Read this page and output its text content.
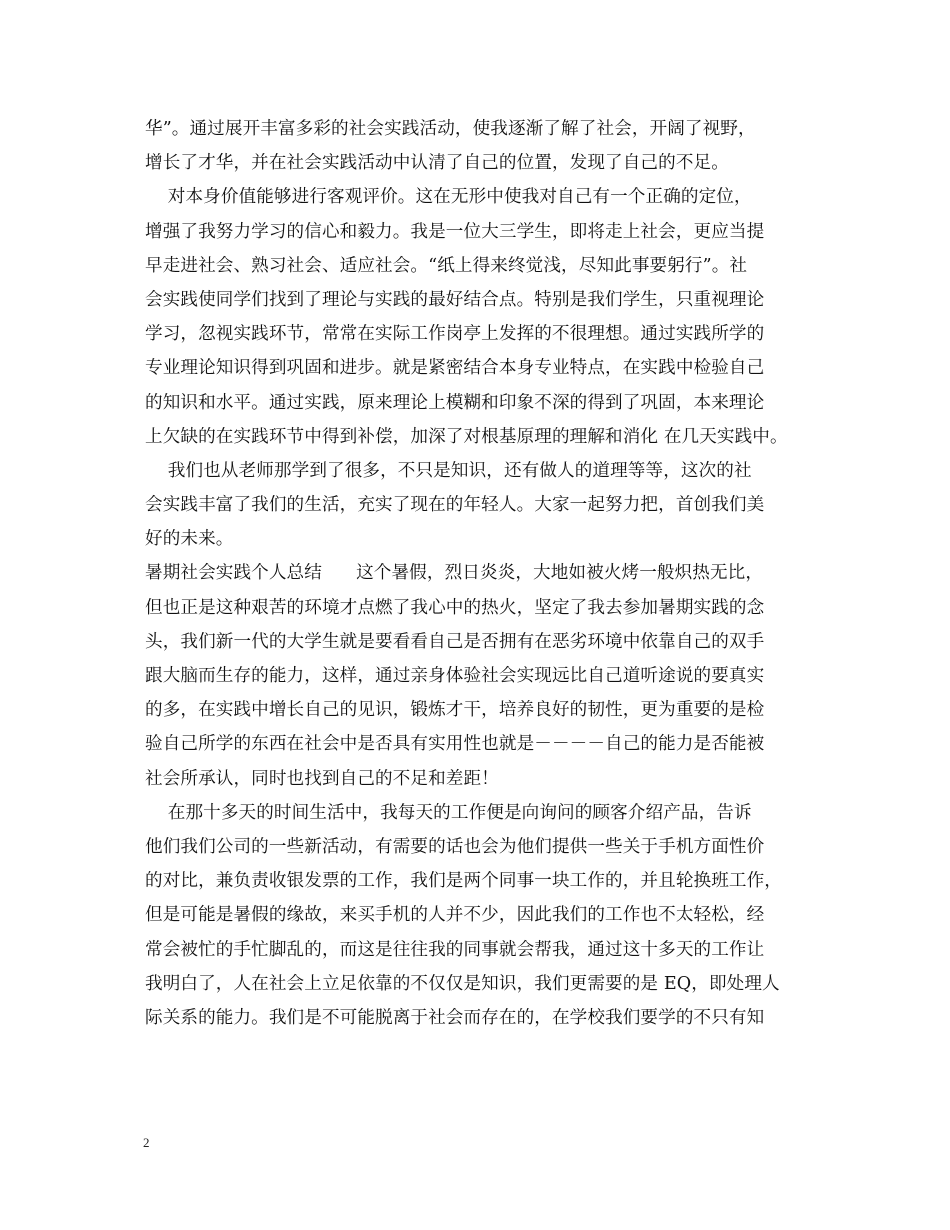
华”。通过展开丰富多彩的社会实践活动，使我逐渐了解了社会，开阔了视野，
增长了才华，并在社会实践活动中认清了自己的位置，发现了自己的不足。
对本身价值能够进行客观评价。这在无形中使我对自己有一个正确的定位，
增强了我努力学习的信心和毅力。我是一位大三学生，即将走上社会，更应当提
早走进社会、熟习社会、适应社会。“纸上得来终觉浅，尽知此事要躬行”。社
会实践使同学们找到了理论与实践的最好结合点。特别是我们学生，只重视理论
学习，忽视实践环节，常常在实际工作岗亭上发挥的不很理想。通过实践所学的
专业理论知识得到巩固和进步。就是紧密结合本身专业特点，在实践中检验自己
的知识和水平。通过实践，原来理论上模糊和印象不深的得到了巩固，本来理论
上欠缺的在实践环节中得到补偿，加深了对根基原理的理解和消化 在几天实践中。
我们也从老师那学到了很多，不只是知识，还有做人的道理等等，这次的社
会实践丰富了我们的生活，充实了现在的年轻人。大家一起努力把，首创我们美
好的未来。
暑期社会实践个人总结      这个暑假，烈日炎炎，大地如被火烤一般炽热无比，
但也正是这种艰苦的环境才点燃了我心中的热火，坚定了我去参加暑期实践的念
头，我们新一代的大学生就是要看看自己是否拥有在恶劣环境中依靠自己的双手
跟大脑而生存的能力，这样，通过亲身体验社会实现远比自己道听途说的要真实
的多，在实践中增长自己的见识，锻炼才干，培养良好的韧性，更为重要的是检
验自己所学的东西在社会中是否具有实用性也就是－－－－自己的能力是否能被
社会所承认，同时也找到自己的不足和差距！
在那十多天的时间生活中，我每天的工作便是向询问的顾客介绍产品，告诉
他们我们公司的一些新活动，有需要的话也会为他们提供一些关于手机方面性价
的对比，兼负责收银发票的工作，我们是两个同事一块工作的，并且轮换班工作，
但是可能是暑假的缘故，来买手机的人并不少，因此我们的工作也不太轻松，经
常会被忙的手忙脚乱的，而这是往往我的同事就会帮我，通过这十多天的工作让
我明白了，人在社会上立足依靠的不仅仅是知识，我们更需要的是 EQ，即处理人
际关系的能力。我们是不可能脱离于社会而存在的，在学校我们要学的不只有知
2
